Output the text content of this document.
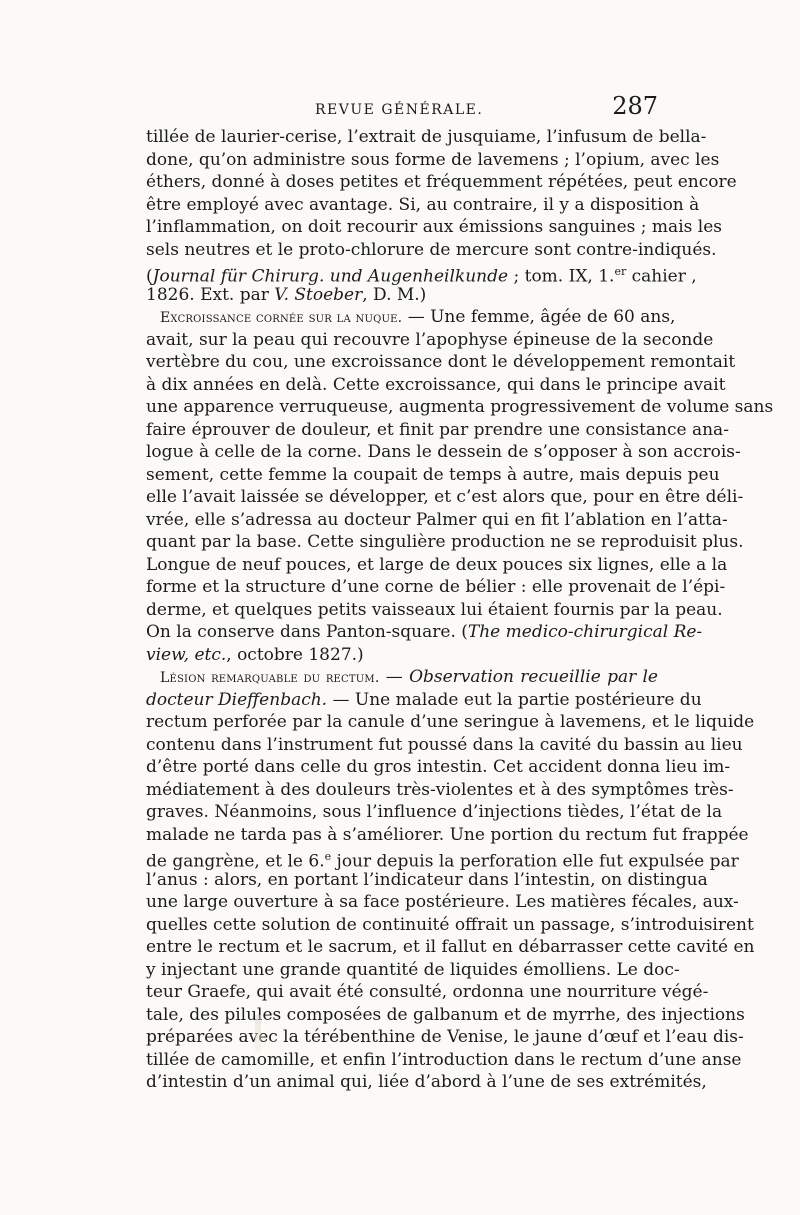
REVUE GÉNÉRALE.	287
tillée de laurier-cerise, l’extrait de jusquiame, l’infusum de bella-
done, qu’on administre sous forme de lavemens ; l’opium, avec les
éthers, donné à doses petites et fréquemment répétées, peut encore
être employé avec avantage. Si, au contraire, il y a disposition à
l’inflammation, on doit recourir aux émissions sanguines ; mais les
sels neutres et le proto-chlorure de mercure sont contre-indiqués.
(Journal für Chirurg. und Augenheilkunde ; tom. IX, 1.$^{er}$ cahier ,
1826. Ext. par V. Stoeber, D. M.)
Excroissance cornée sur la nuque. — Une femme, âgée de 60 ans,
avait, sur la peau qui recouvre l’apophyse épineuse de la seconde
vertèbre du cou, une excroissance dont le développement remontait
à dix années en delà. Cette excroissance, qui dans le principe avait
une apparence verruqueuse, augmenta progressivement de volume sans
faire éprouver de douleur, et finit par prendre une consistance ana-
logue à celle de la corne. Dans le dessein de s’opposer à son accrois-
sement, cette femme la coupait de temps à autre, mais depuis peu
elle l’avait laissée se développer, et c’est alors que, pour en être déli-
vrée, elle s’adressa au docteur Palmer qui en fit l’ablation en l’atta-
quant par la base. Cette singulière production ne se reproduisit plus.
Longue de neuf pouces, et large de deux pouces six lignes, elle a la
forme et la structure d’une corne de bélier : elle provenait de l’épi-
derme, et quelques petits vaisseaux lui étaient fournis par la peau.
On la conserve dans Panton-square. (The medico-chirurgical Re-
view, etc., octobre 1827.)
Lésion remarquable du rectum. — Observation recueillie par le
docteur Dieffenbach. — Une malade eut la partie postérieure du
rectum perforée par la canule d’une seringue à lavemens, et le liquide
contenu dans l’instrument fut poussé dans la cavité du bassin au lieu
d’être porté dans celle du gros intestin. Cet accident donna lieu im-
médiatement à des douleurs très-violentes et à des symptômes très-
graves. Néanmoins, sous l’influence d’injections tièdes, l’état de la
malade ne tarda pas à s’améliorer. Une portion du rectum fut frappée
de gangrène, et le 6.$^e$ jour depuis la perforation elle fut expulsée par
l’anus : alors, en portant l’indicateur dans l’intestin, on distingua
une large ouverture à sa face postérieure. Les matières fécales, aux-
quelles cette solution de continuité offrait un passage, s’introduisirent
entre le rectum et le sacrum, et il fallut en débarrasser cette cavité en
y injectant une grande quantité de liquides émolliens. Le doc-
teur Graefe, qui avait été consulté, ordonna une nourriture végé-
tale, des pilules composées de galbanum et de myrrhe, des injections
préparées avec la térébenthine de Venise, le jaune d’œuf et l’eau dis-
tillée de camomille, et enfin l’introduction dans le rectum d’une anse
d’intestin d’un animal qui, liée d’abord à l’une de ses extrémités,
